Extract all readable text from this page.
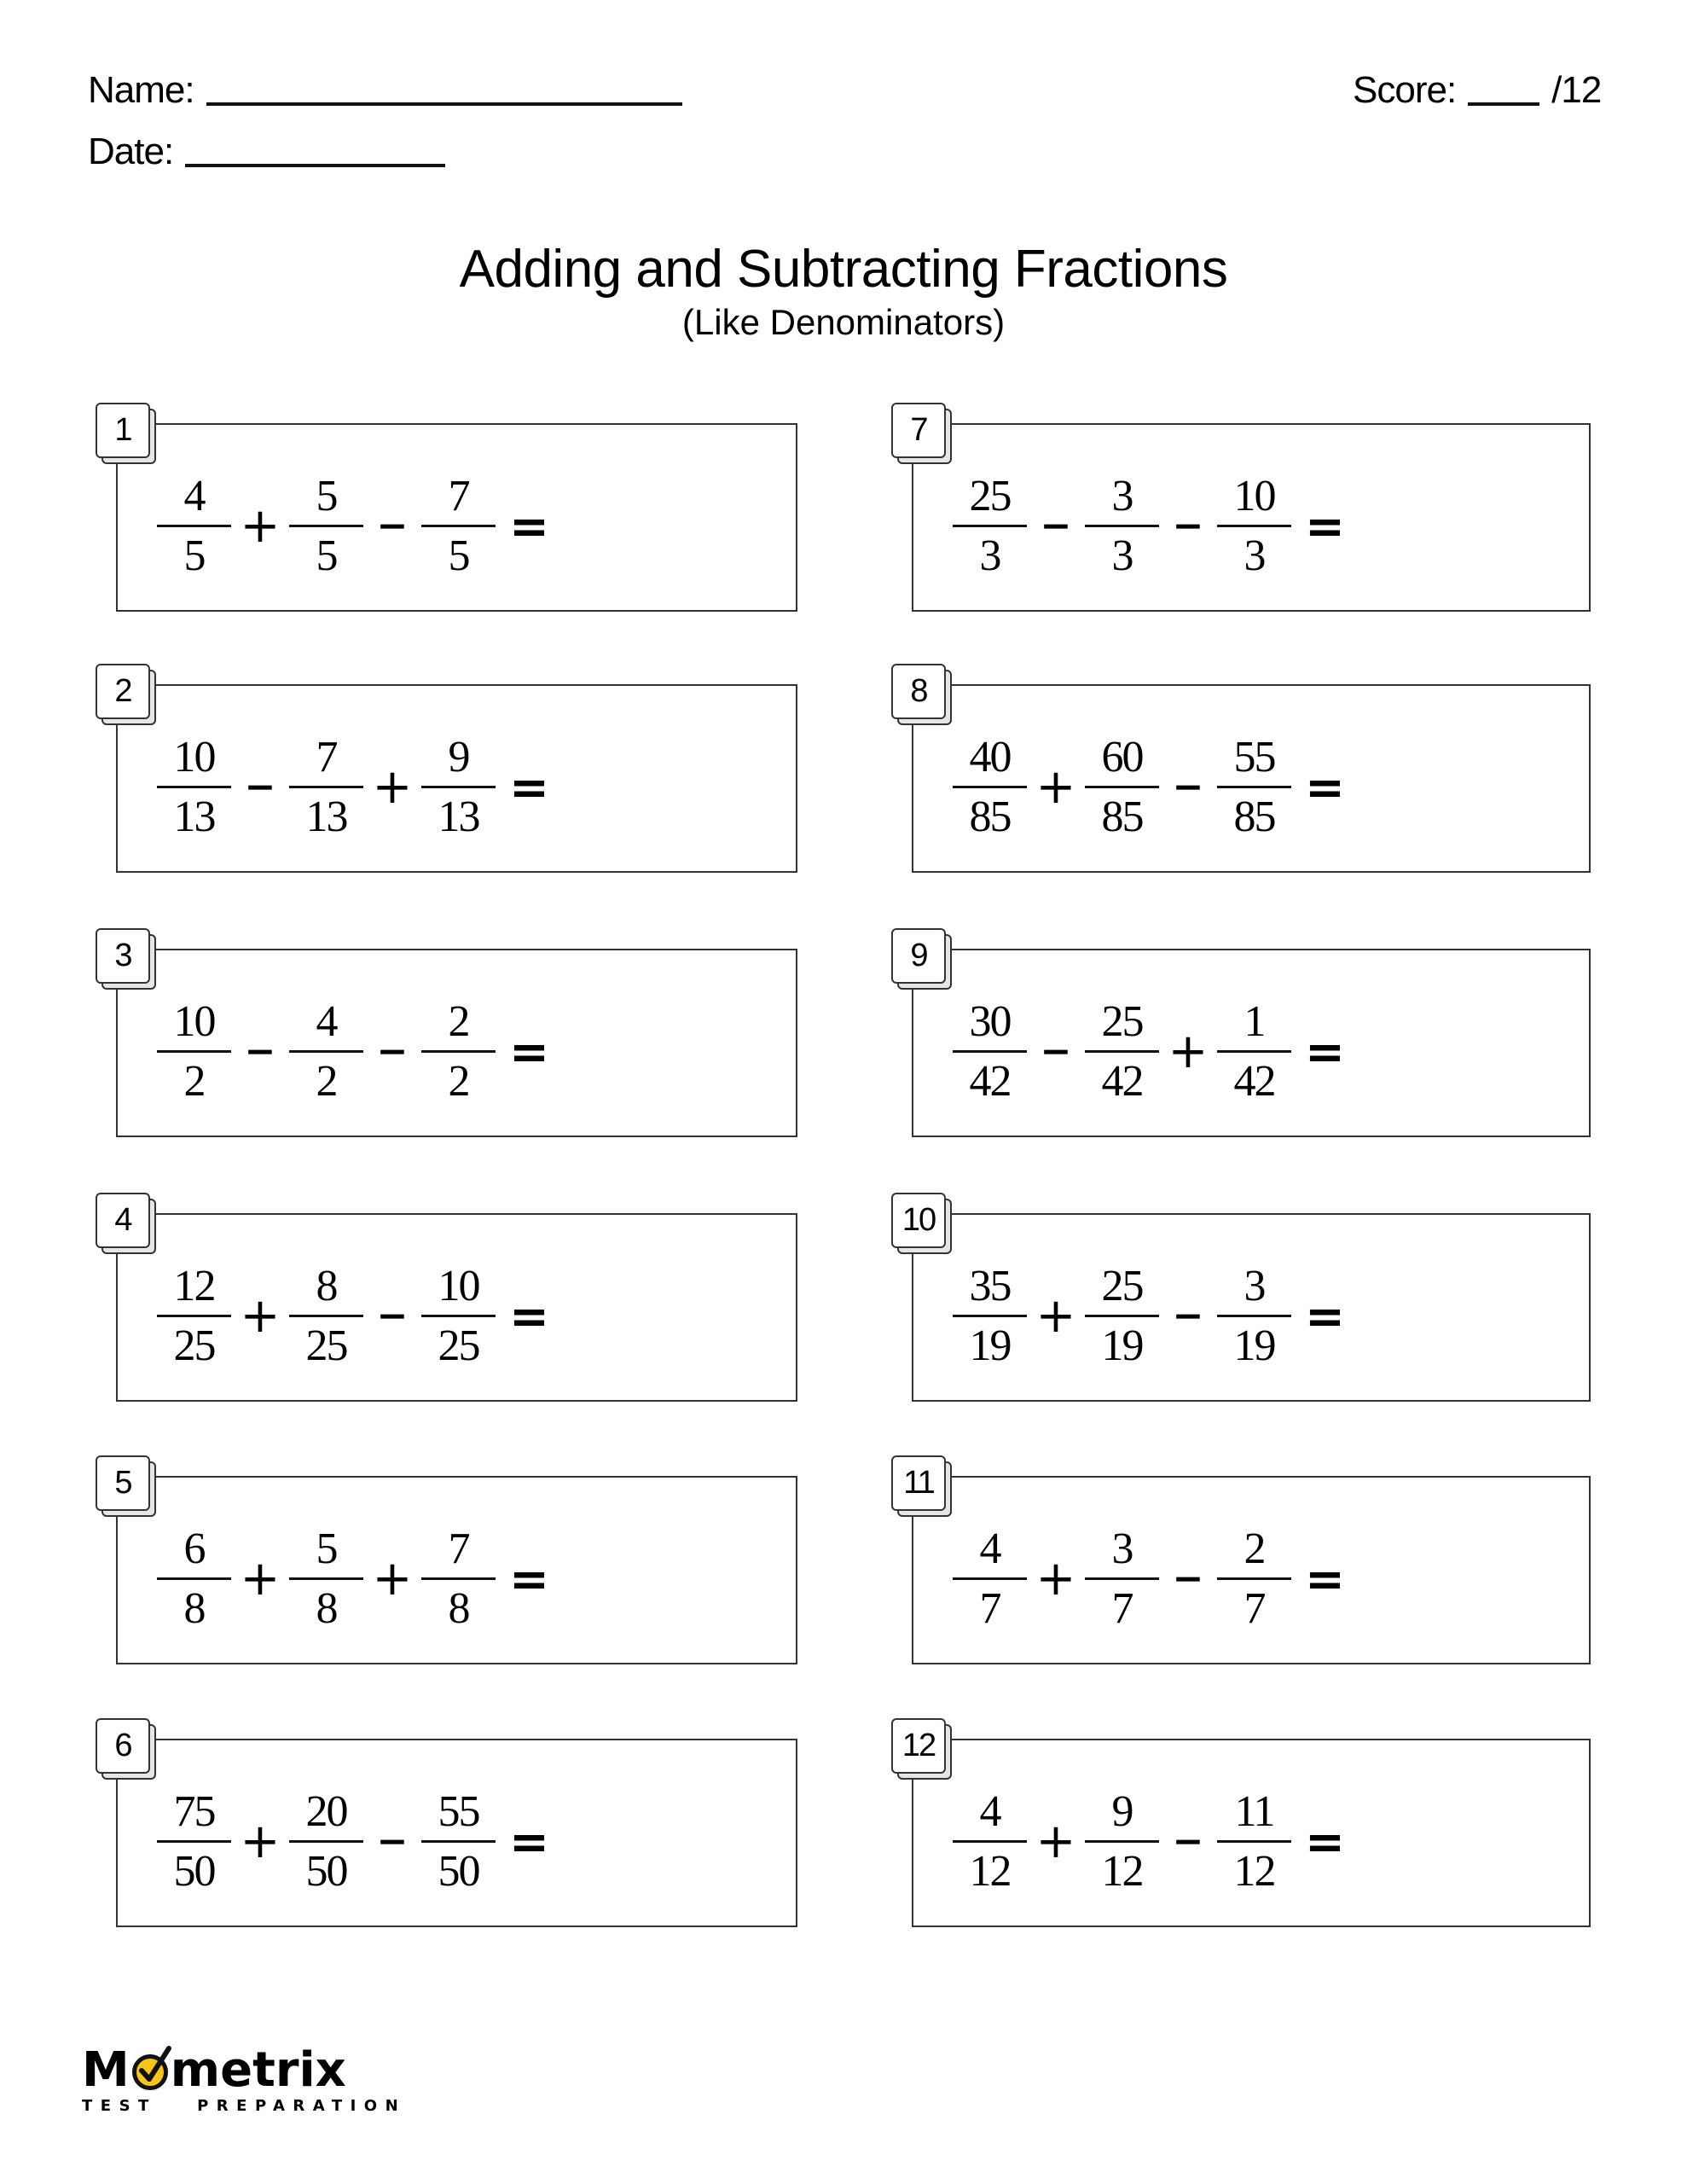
Name:
Date:
Score:	/12
Adding and Subtracting Fractions
(Like Denominators)
1
$\frac{4}{5} + \frac{5}{5} - \frac{7}{5}$ =
2
$\frac{10}{13} - \frac{7}{13} + \frac{9}{13}$ =
3
$\frac{10}{2} - \frac{4}{2} - \frac{2}{2}$ =
4
$\frac{12}{25} + \frac{8}{25} - \frac{10}{25}$ =
5
$\frac{6}{8} + \frac{5}{8} + \frac{7}{8}$ =
6
$\frac{75}{50} + \frac{20}{50} - \frac{55}{50}$ =
7
$\frac{25}{3} - \frac{3}{3} - \frac{10}{3}$ =
8
$\frac{40}{85} + \frac{60}{85} - \frac{55}{85}$ =
9
$\frac{30}{42} - \frac{25}{42} + \frac{1}{42}$ =
10
$\frac{35}{19} + \frac{25}{19} - \frac{3}{19}$ =
11
$\frac{4}{7} + \frac{3}{7} - \frac{2}{7}$ =
12
$\frac{4}{12} + \frac{9}{12} - \frac{11}{12}$ =
M metrix
TEST   PREPARATION
